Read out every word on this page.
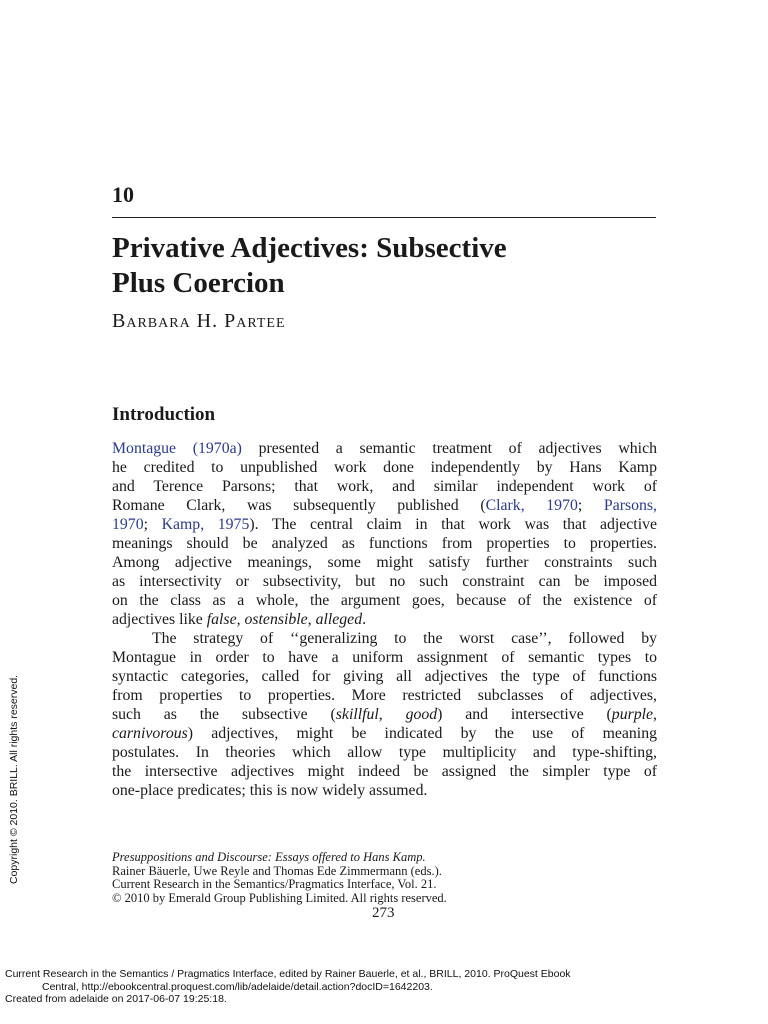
10
Privative Adjectives: Subsective
Plus Coercion
Barbara H. Partee
Introduction
Montague (1970a) presented a semantic treatment of adjectives which
he credited to unpublished work done independently by Hans Kamp
and Terence Parsons; that work, and similar independent work of
Romane Clark, was subsequently published (Clark, 1970; Parsons,
1970; Kamp, 1975). The central claim in that work was that adjective
meanings should be analyzed as functions from properties to properties.
Among adjective meanings, some might satisfy further constraints such
as intersectivity or subsectivity, but no such constraint can be imposed
on the class as a whole, the argument goes, because of the existence of
adjectives like false, ostensible, alleged.
The strategy of ‘‘generalizing to the worst case’’, followed by
Montague in order to have a uniform assignment of semantic types to
syntactic categories, called for giving all adjectives the type of functions
from properties to properties. More restricted subclasses of adjectives,
such as the subsective (skillful, good) and intersective (purple,
carnivorous) adjectives, might be indicated by the use of meaning
postulates. In theories which allow type multiplicity and type-shifting,
the intersective adjectives might indeed be assigned the simpler type of
one-place predicates; this is now widely assumed.
Presuppositions and Discourse: Essays offered to Hans Kamp.
Rainer Bäuerle, Uwe Reyle and Thomas Ede Zimmermann (eds.).
Current Research in the Semantics/Pragmatics Interface, Vol. 21.
© 2010 by Emerald Group Publishing Limited. All rights reserved.
273
Copyright © 2010. BRILL. All rights reserved.
Current Research in the Semantics / Pragmatics Interface, edited by Rainer Bauerle, et al., BRILL, 2010. ProQuest Ebook
Central, http://ebookcentral.proquest.com/lib/adelaide/detail.action?docID=1642203.
Created from adelaide on 2017-06-07 19:25:18.
